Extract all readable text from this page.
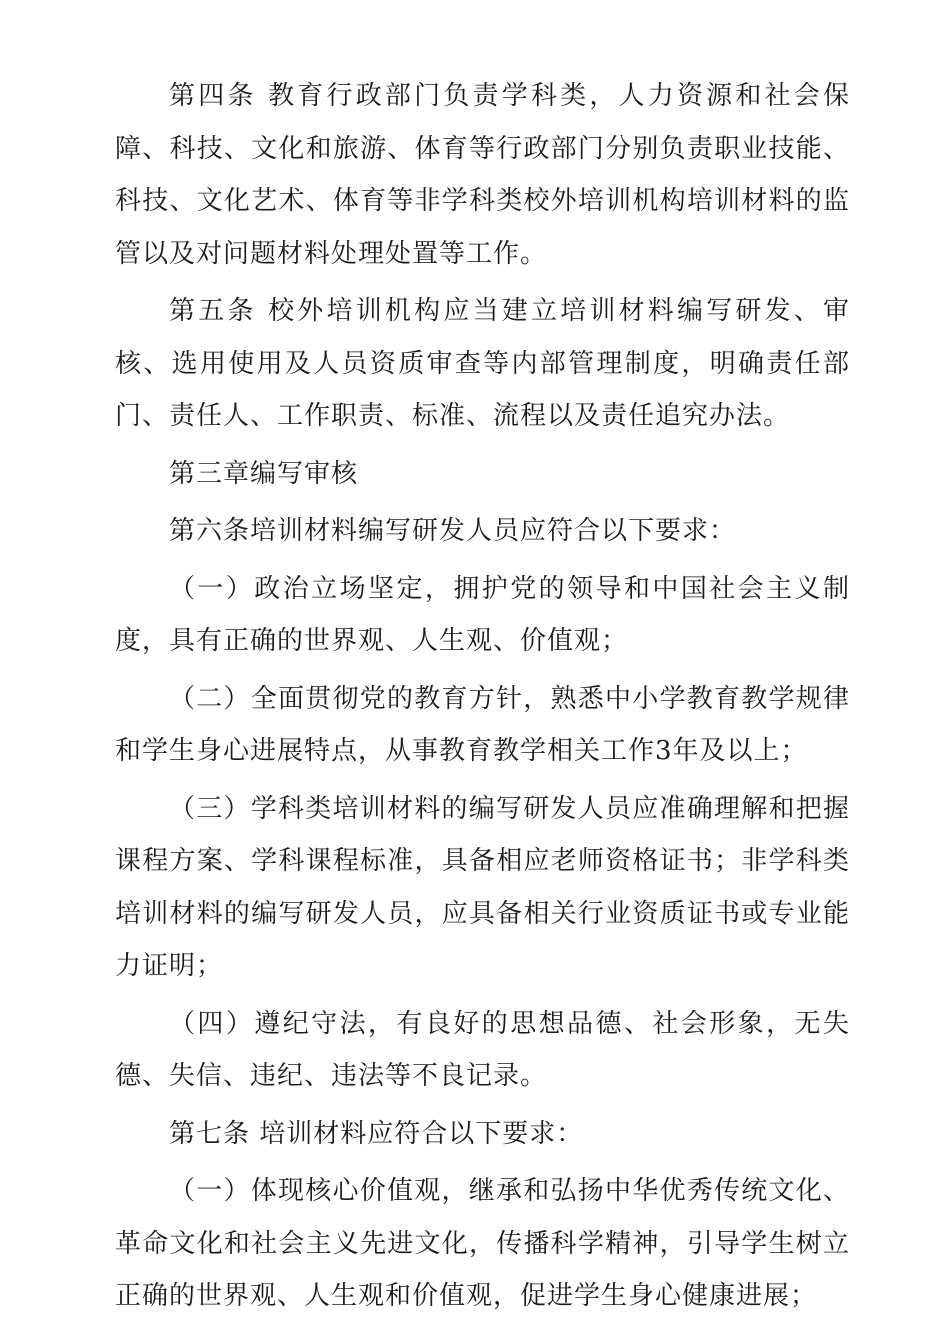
第四条 教育行政部门负责学科类，人力资源和社会保障、科技、文化和旅游、体育等行政部门分别负责职业技能、科技、文化艺术、体育等非学科类校外培训机构培训材料的监管以及对问题材料处理处置等工作。

第五条 校外培训机构应当建立培训材料编写研发、审核、选用使用及人员资质审查等内部管理制度，明确责任部门、责任人、工作职责、标准、流程以及责任追究办法。

第三章编写审核

第六条培训材料编写研发人员应符合以下要求：

（一）政治立场坚定，拥护党的领导和中国社会主义制度，具有正确的世界观、人生观、价值观；

（二）全面贯彻党的教育方针，熟悉中小学教育教学规律和学生身心进展特点，从事教育教学相关工作3年及以上；

（三）学科类培训材料的编写研发人员应准确理解和把握课程方案、学科课程标准，具备相应老师资格证书；非学科类培训材料的编写研发人员，应具备相关行业资质证书或专业能力证明；

（四）遵纪守法，有良好的思想品德、社会形象，无失德、失信、违纪、违法等不良记录。

第七条 培训材料应符合以下要求：

（一）体现核心价值观，继承和弘扬中华优秀传统文化、革命文化和社会主义先进文化，传播科学精神，引导学生树立正确的世界观、人生观和价值观，促进学生身心健康进展；
